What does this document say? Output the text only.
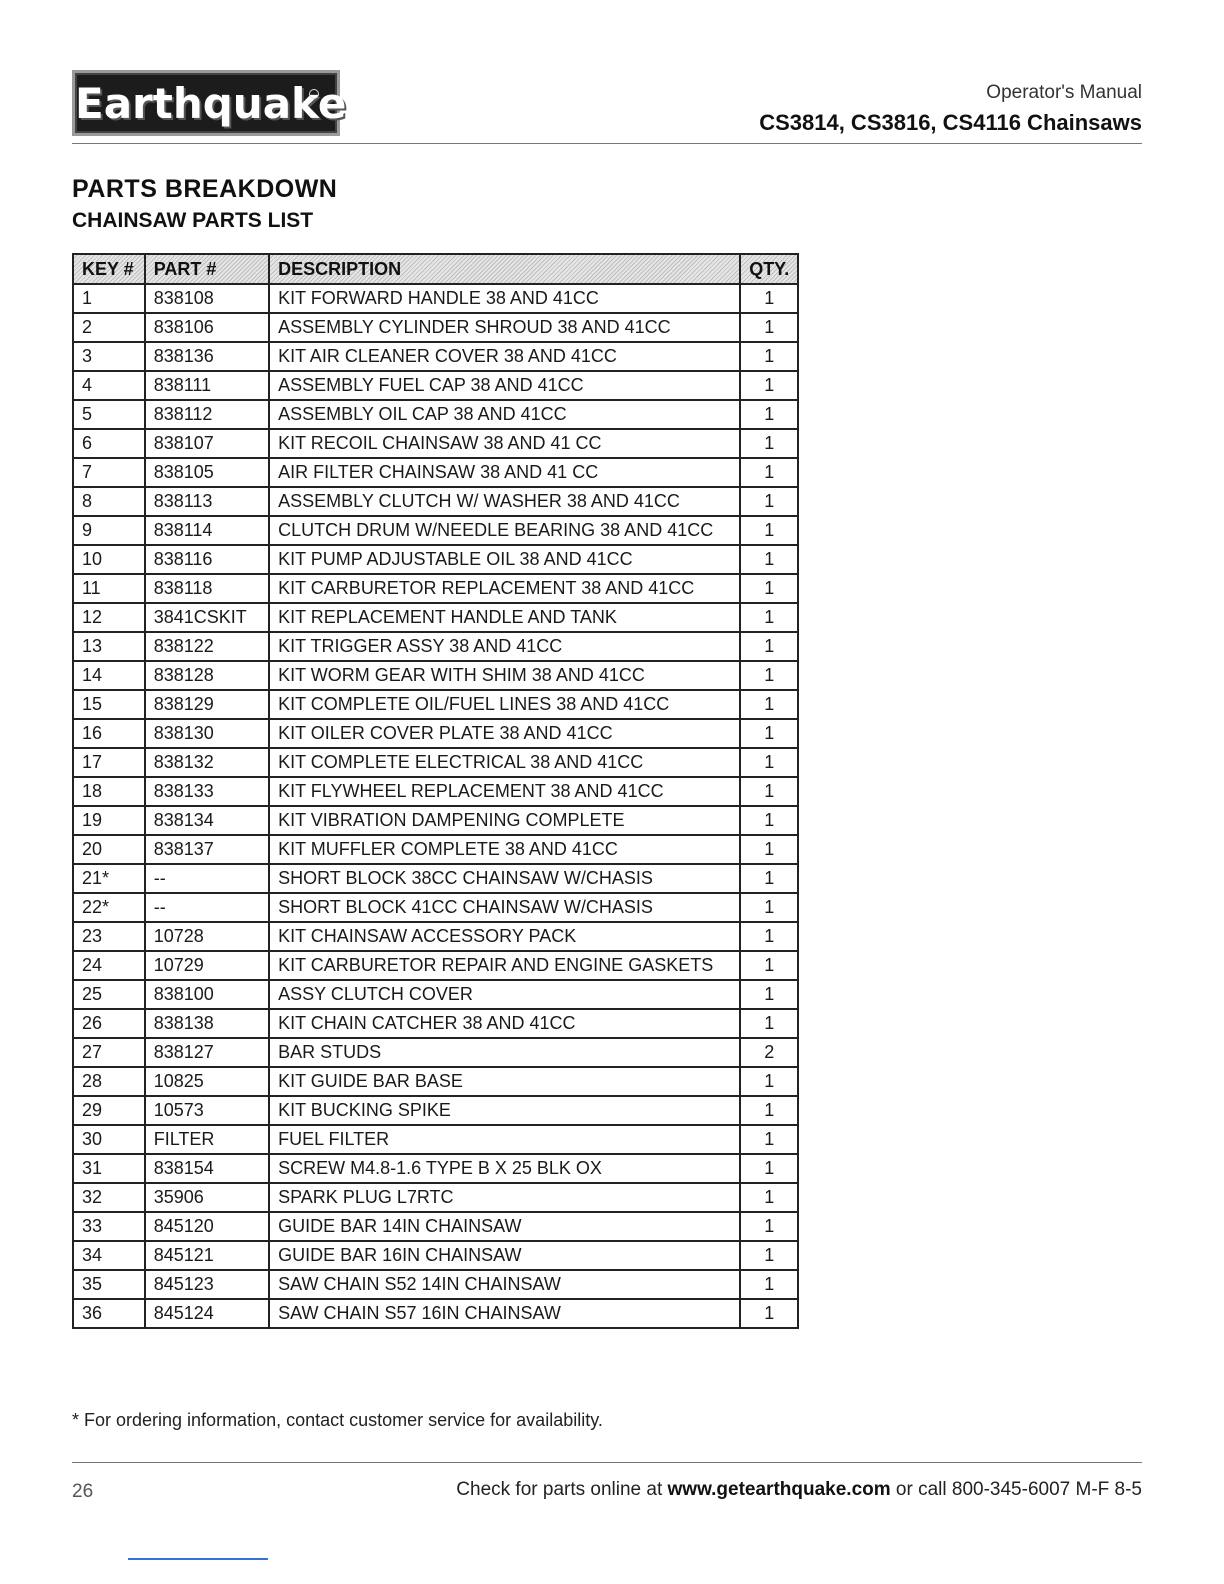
Earthquake	Operator's Manual
CS3814, CS3816, CS4116 Chainsaws
PARTS BREAKDOWN
CHAINSAW PARTS LIST
KEY #	PART #	DESCRIPTION	QTY.
1	838108	KIT FORWARD HANDLE 38 AND 41CC	1
2	838106	ASSEMBLY CYLINDER SHROUD 38 AND 41CC	1
3	838136	KIT AIR CLEANER COVER 38 AND 41CC	1
4	838111	ASSEMBLY FUEL CAP 38 AND 41CC	1
5	838112	ASSEMBLY OIL CAP 38 AND 41CC	1
6	838107	KIT RECOIL CHAINSAW 38 AND 41 CC	1
7	838105	AIR FILTER CHAINSAW 38 AND 41 CC	1
8	838113	ASSEMBLY CLUTCH W/ WASHER 38 AND 41CC	1
9	838114	CLUTCH DRUM W/NEEDLE BEARING 38 AND 41CC	1
10	838116	KIT PUMP ADJUSTABLE OIL 38 AND 41CC	1
11	838118	KIT CARBURETOR REPLACEMENT 38 AND 41CC	1
12	3841CSKIT	KIT REPLACEMENT HANDLE AND TANK	1
13	838122	KIT TRIGGER ASSY 38 AND 41CC	1
14	838128	KIT WORM GEAR WITH SHIM 38 AND 41CC	1
15	838129	KIT COMPLETE OIL/FUEL LINES 38 AND 41CC	1
16	838130	KIT OILER COVER PLATE 38 AND 41CC	1
17	838132	KIT COMPLETE ELECTRICAL 38 AND 41CC	1
18	838133	KIT FLYWHEEL REPLACEMENT 38 AND 41CC	1
19	838134	KIT VIBRATION DAMPENING COMPLETE	1
20	838137	KIT MUFFLER COMPLETE 38 AND 41CC	1
21*	--	SHORT BLOCK 38CC CHAINSAW W/CHASIS	1
22*	--	SHORT BLOCK 41CC CHAINSAW W/CHASIS	1
23	10728	KIT CHAINSAW ACCESSORY PACK	1
24	10729	KIT CARBURETOR REPAIR AND ENGINE GASKETS	1
25	838100	ASSY CLUTCH COVER	1
26	838138	KIT CHAIN CATCHER 38 AND 41CC	1
27	838127	BAR STUDS	2
28	10825	KIT GUIDE BAR BASE	1
29	10573	KIT BUCKING SPIKE	1
30	FILTER	FUEL FILTER	1
31	838154	SCREW M4.8-1.6 TYPE B X 25 BLK OX	1
32	35906	SPARK PLUG L7RTC	1
33	845120	GUIDE BAR 14IN CHAINSAW	1
34	845121	GUIDE BAR 16IN CHAINSAW	1
35	845123	SAW CHAIN S52 14IN CHAINSAW	1
36	845124	SAW CHAIN S57 16IN CHAINSAW	1
* For ordering information, contact customer service for availability.
26	Check for parts online at www.getearthquake.com or call 800-345-6007 M-F 8-5
